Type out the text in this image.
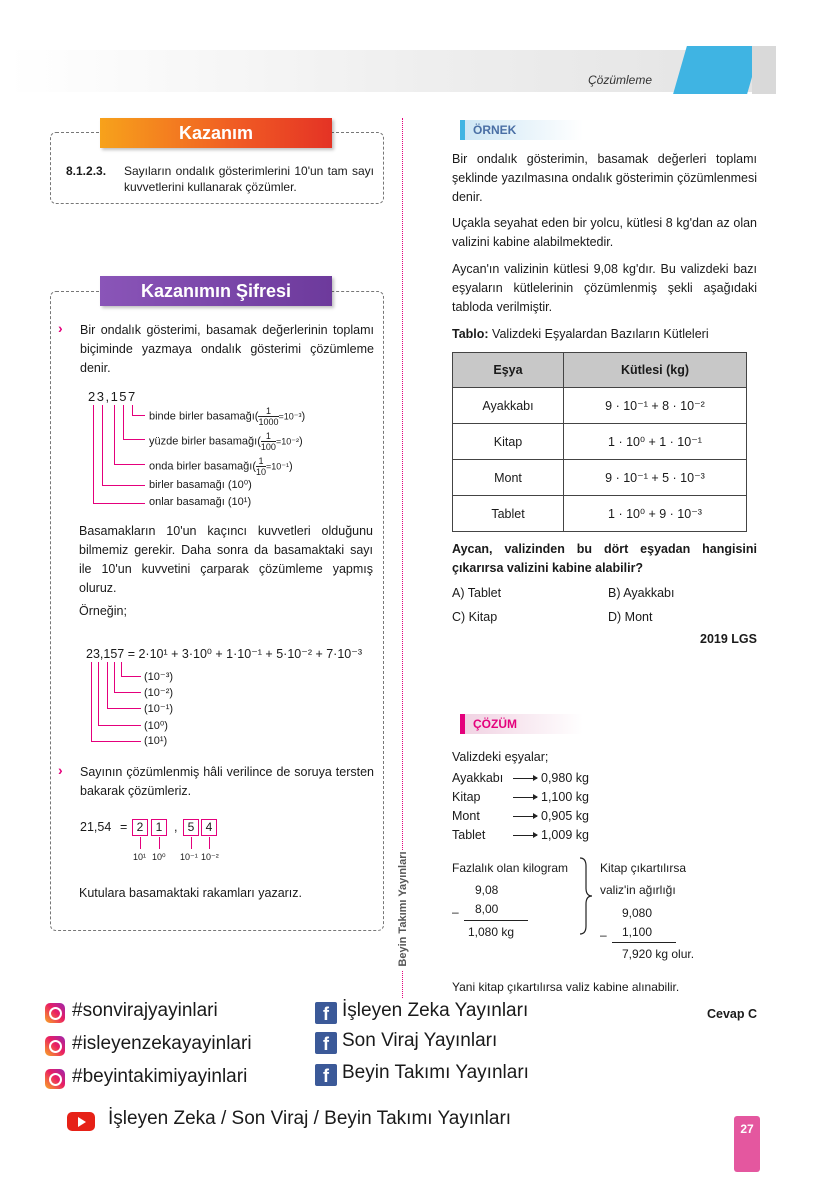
Çözümleme
Kazanım
8.1.2.3.	Sayıların ondalık gösterimlerini 10'un tam sayı kuvvetlerini kullanarak çözümler.
Kazanımın Şifresi
› Bir ondalık gösterimi, basamak değerlerinin toplamı biçiminde yazmaya ondalık gösterimi çözümleme denir.
23,157
binde birler basamağı( $\frac{1}{1000} =10^{-3}$)
yüzde birler basamağı( $\frac{1}{100} =10^{-2}$)
onda birler basamağı( $\frac{1}{10} =10^{-1}$)
birler basamağı (10⁰)
onlar basamağı (10¹)
Basamakların 10'un kaçıncı kuvvetleri olduğunu bilmemiz gerekir. Daha sonra da basamaktaki sayı ile 10'un kuvvetini çarparak çözümleme yapmış oluruz.
Örneğin;
23,157 = 2·10¹ + 3·10⁰ + 1·10⁻¹ + 5·10⁻² + 7·10⁻³
(10⁻³)
(10⁻²)
(10⁻¹)
(10⁰)
(10¹)
› Sayının çözümlenmiş hâli verilince de soruya tersten bakarak çözümleriz.
21,54 = 2	1 , 5 4
10¹ 10⁰ 10⁻¹ 10⁻²
Kutulara basamaktaki rakamları yazarız.	Beyin Takımı Yayınları
ÖRNEK
Bir ondalık gösterimin, basamak değerleri toplamı şeklinde yazılmasına ondalık gösterimin çözümlenmesi denir.
Uçakla seyahat eden bir yolcu, kütlesi 8 kg'dan az olan valizini kabine alabilmektedir.
Aycan'ın valizinin kütlesi 9,08 kg'dır. Bu valizdeki bazı eşyaların kütlelerinin çözümlenmiş şekli aşağıdaki tabloda verilmiştir.
Tablo: Valizdeki Eşyalardan Bazıların Kütleleri
Eşya	Kütlesi (kg)
Ayakkabı	9 · 10⁻¹ + 8 · 10⁻²
Kitap	1 · 10⁰ + 1 · 10⁻¹
Mont	9 · 10⁻¹ + 5 · 10⁻³
Tablet	1 · 10⁰ + 9 · 10⁻³
Aycan, valizinden bu dört eşyadan hangisini çıkarırsa valizini kabine alabilir?
A) Tablet	B) Ayakkabı
C) Kitap	D) Mont
2019 LGS
ÇÖZÜM
Valizdeki eşyalar;
Ayakkabı	0,980 kg
Kitap	1,100 kg
Mont	0,905 kg
Tablet	1,009 kg
Fazlalık olan kilogram
9,08
– 8,00
1,080 kg
Kitap çıkartılırsa
valiz'in ağırlığı
9,080
– 1,100
7,920 kg olur.
Yani kitap çıkartılırsa valiz kabine alınabilir.
Cevap C
#sonvirajyayinlari
#isleyenzekayayinlari
#beyintakimiyayinlari
f İşleyen Zeka Yayınları
f Son Viraj Yayınları
f Beyin Takımı Yayınları
İşleyen Zeka / Son Viraj / Beyin Takımı Yayınları	27
